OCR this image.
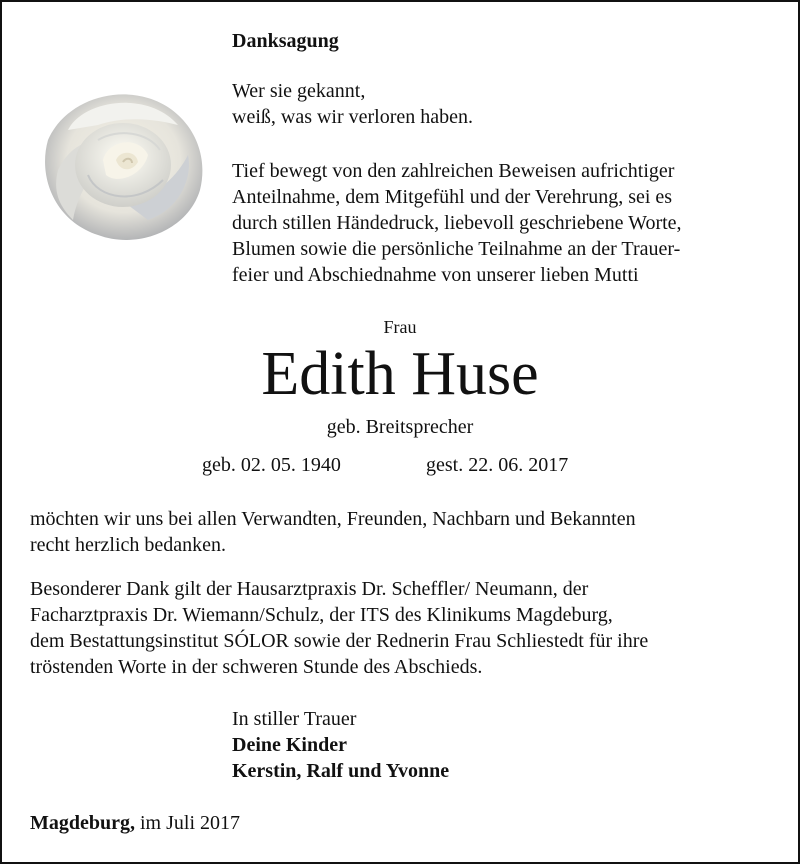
Danksagung
Wer sie gekannt,
weiß, was wir verloren haben.
Tief bewegt von den zahlreichen Beweisen aufrichtiger
Anteilnahme, dem Mitgefühl und der Verehrung, sei es
durch stillen Händedruck, liebevoll geschriebene Worte,
Blumen sowie die persönliche Teilnahme an der Trauer-
feier und Abschiednahme von unserer lieben Mutti
Frau
Edith Huse
geb. Breitsprecher
geb. 02. 05. 1940	gest. 22. 06. 2017
möchten wir uns bei allen Verwandten, Freunden, Nachbarn und Bekannten
recht herzlich bedanken.
Besonderer Dank gilt der Hausarztpraxis Dr. Scheffler/ Neumann, der
Facharztpraxis Dr. Wiemann/Schulz, der ITS des Klinikums Magdeburg,
dem Bestattungsinstitut SÓLOR sowie der Rednerin Frau Schliestedt für ihre
tröstenden Worte in der schweren Stunde des Abschieds.
In stiller Trauer
Deine Kinder
Kerstin, Ralf und Yvonne
Magdeburg, im Juli 2017
